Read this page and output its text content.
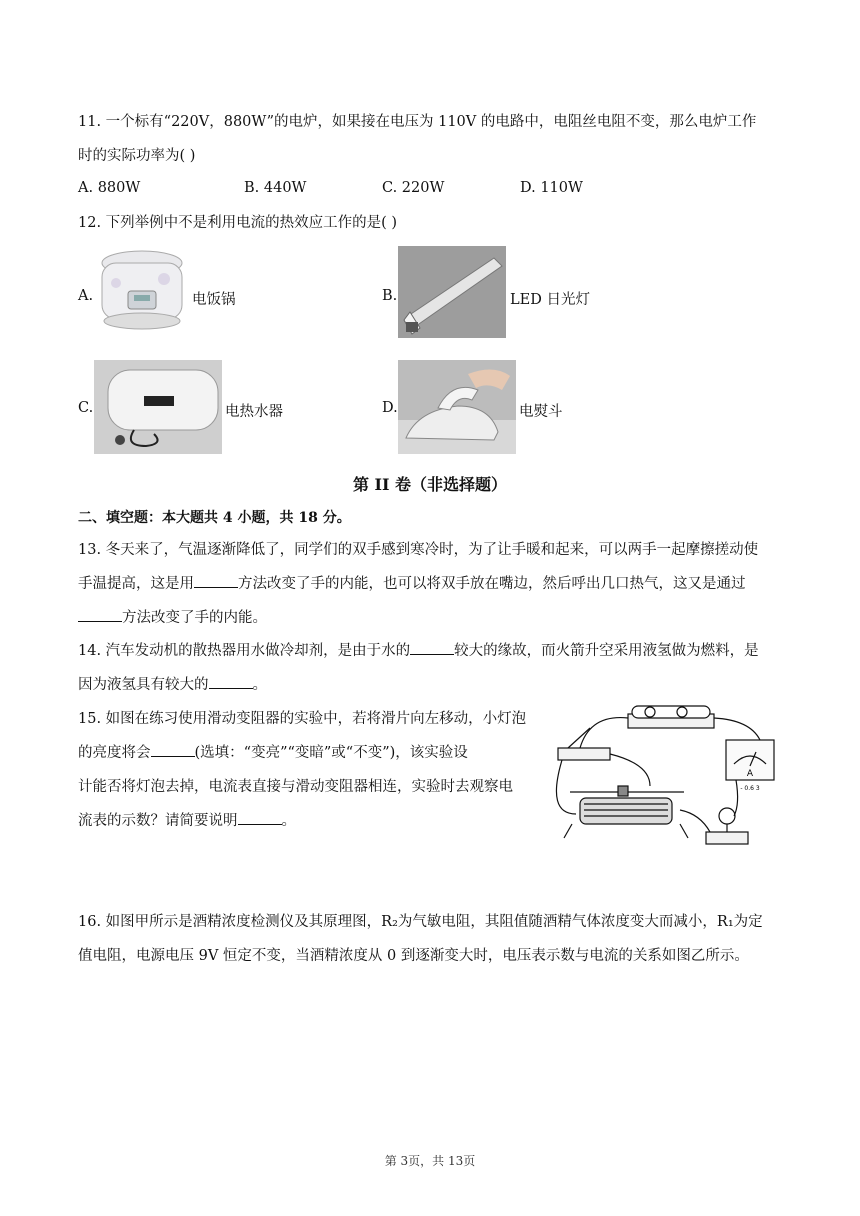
11. 一个标有“220V，880W”的电炉，如果接在电压为 110V 的电路中，电阻丝电阻不变，那么电炉工作
时的实际功率为( )
A. 880W	B. 440W	C. 220W	D. 110W
12. 下列举例中不是利用电流的热效应工作的是( )
A.	电饭锅	B.	LED 日光灯
C.	电热水器	D.	电熨斗
第 II 卷（非选择题）
二、填空题：本大题共 4 小题，共 18 分。
13. 冬天来了，气温逐渐降低了，同学们的双手感到寒冷时，为了让手暖和起来，可以两手一起摩擦搓动使
手温提高，这是用	方法改变了手的内能，也可以将双手放在嘴边，然后呼出几口热气，这又是通过
方法改变了手的内能。
14. 汽车发动机的散热器用水做冷却剂，是由于水的	较大的缘故，而火箭升空采用液氢做为燃料，是
因为液氢具有较大的	。
15. 如图在练习使用滑动变阻器的实验中，若将滑片向左移动，小灯泡
的亮度将会	(选填：“变亮”“变暗”或“不变”)，该实验设
计能否将灯泡去掉，电流表直接与滑动变阻器相连，实验时去观察电
流表的示数？请简要说明	。
A
- 0.6 3
16. 如图甲所示是酒精浓度检测仪及其原理图，R₂为气敏电阻，其阻值随酒精气体浓度变大而减小，R₁为定
值电阻，电源电压 9V 恒定不变，当酒精浓度从 0 到逐渐变大时，电压表示数与电流的关系如图乙所示。
第 3页，共 13页
